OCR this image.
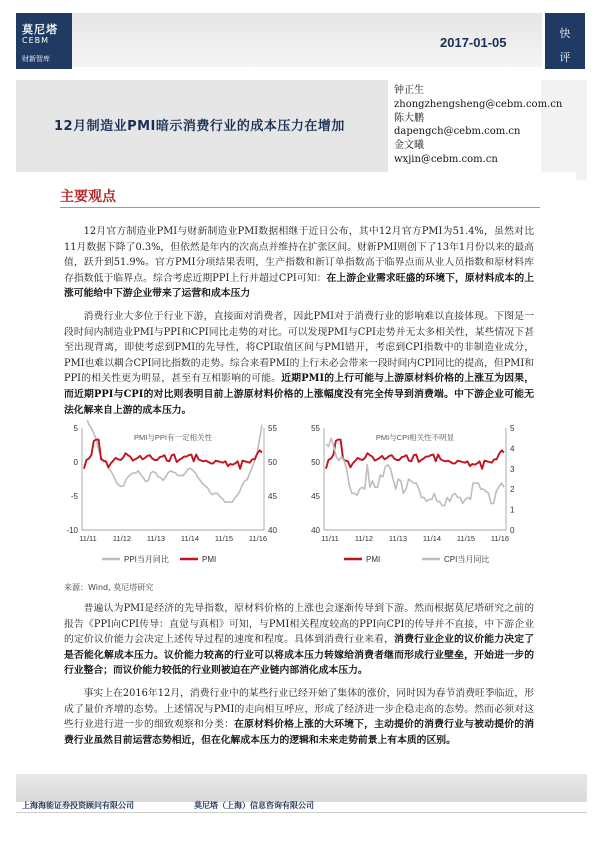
莫尼塔
CEBM
财新智库
2017-01-05
快
评
12月制造业PMI暗示消费行业的成本压力在增加
钟正生
zhongzhengsheng@cebm.com.cn
陈大鹏
dapengch@cebm.com.cn
金文曦
wxjin@cebm.com.cn
主要观点
12月官方制造业PMI与财新制造业PMI数据相继于近日公布，其中12月官方PMI为51.4%，虽然对比11月数据下降了0.3%，但依然是年内的次高点并维持在扩张区间。财新PMI则创下了13年1月份以来的最高值，跃升到51.9%。官方PMI分项结果表明，生产指数和新订单指数高于临界点而从业人员指数和原材料库存指数低于临界点。综合考虑近期PPI上行并超过CPI可知：在上游企业需求旺盛的环境下，原材料成本的上涨可能给中下游企业带来了运营和成本压力
消费行业大多位于行业下游，直接面对消费者，因此PMI对于消费行业的影响难以直接体现。下图是一段时间内制造业PMI与PPI和CPI同比走势的对比。可以发现PMI与CPI走势并无太多相关性，某些情况下甚至出现背离，即使考虑到PMI的先导性，将CPI取值区间与PMI错开，考虑到CPI指数中的非制造业成分，PMI也难以耦合CPI同比指数的走势。综合来看PMI的上行未必会带来一段时间内CPI同比的提高，但PMI和PPI的相关性更为明显，甚至有互相影响的可能。近期PMI的上行可能与上游原材料价格的上涨互为因果，而近期PPI与CPI的对比则表明目前上游原材料价格的上涨幅度没有完全传导到消费端。中下游企业可能无法化解来自上游的成本压力。
5
0
-5
-10
55
50
45
40
11/11 11/12 11/13 11/14 11/15 11/16
PMI与PPI有一定相关性
PPI当月同比	PMI
55
50
45
40
5
4
3
2
1
0
11/11 11/12 11/13 11/14 11/15 11/16
PMI与CPI相关性不明显
PMI	CPI当月同比
来源：Wind, 莫尼塔研究
普遍认为PMI是经济的先导指数，原材料价格的上涨也会逐渐传导到下游。然而根据莫尼塔研究之前的报告《PPI向CPI传导：直觉与真相》可知，与PMI相关程度较高的PPI向CPI的传导并不直接，中下游企业的定价议价能力会决定上述传导过程的速度和程度。具体到消费行业来看，消费行业企业的议价能力决定了是否能化解成本压力。议价能力较高的行业可以将成本压力转嫁给消费者继而形成行业壁垒，开始进一步的行业整合；而议价能力较低的行业则被迫在产业链内部消化成本压力。
事实上在2016年12月，消费行业中的某些行业已经开始了集体的涨价，同时因为春节消费旺季临近，形成了量价齐增的态势。上述情况与PMI的走向相互呼应，形成了经济进一步企稳走高的态势。然而必须对这些行业进行进一步的细致观察和分类：在原材料价格上涨的大环境下，主动提价的消费行业与被动提价的消费行业虽然目前运营态势相近，但在化解成本压力的逻辑和未来走势前景上有本质的区别。
上海海能证券投资顾问有限公司	莫尼塔（上海）信息咨询有限公司
